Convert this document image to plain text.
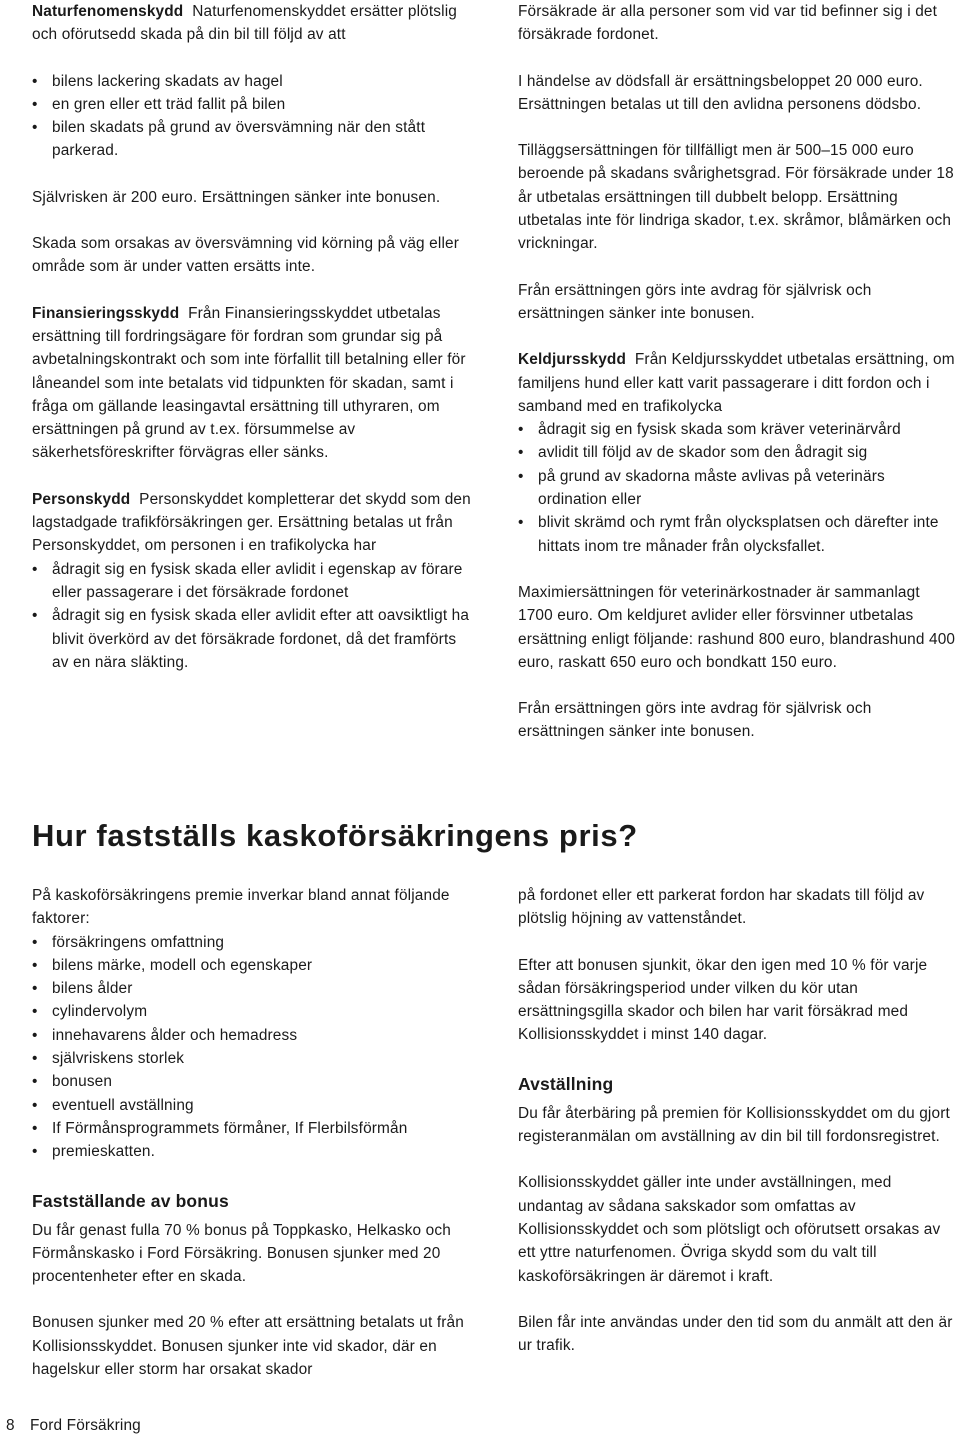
Naturfenomenskydd Naturfenomenskyddet ersätter plötslig och oförutsedd skada på din bil till följd av att

• bilens lackering skadats av hagel
• en gren eller ett träd fallit på bilen
• bilen skadats på grund av översvämning när den stått parkerad.

Självrisken är 200 euro. Ersättningen sänker inte bonusen.

Skada som orsakas av översvämning vid körning på väg eller område som är under vatten ersätts inte.

Finansieringsskydd Från Finansieringsskyddet utbetalas ersättning till fordringsägare för fordran som grundar sig på avbetalningskontrakt och som inte förfallit till betalning eller för låneandel som inte betalats vid tidpunkten för skadan, samt i fråga om gällande leasingavtal ersättning till uthyraren, om ersättningen på grund av t.ex. försummelse av säkerhetsföreskrifter förvägras eller sänks.

Personskydd Personskyddet kompletterar det skydd som den lagstadgade trafikförsäkringen ger. Ersättning betalas ut från Personskyddet, om personen i en trafikolycka har

• ådragit sig en fysisk skada eller avlidit i egenskap av förare eller passagerare i det försäkrade fordonet
• ådragit sig en fysisk skada eller avlidit efter att oavsiktligt ha blivit överkörd av det försäkrade fordonet, då det framförts av en nära släkting.

Försäkrade är alla personer som vid var tid befinner sig i det försäkrade fordonet.

I händelse av dödsfall är ersättningsbeloppet 20 000 euro. Ersättningen betalas ut till den avlidna personens dödsbo.

Tilläggsersättningen för tillfälligt men är 500–15 000 euro beroende på skadans svårighetsgrad. För försäkrade under 18 år utbetalas ersättningen till dubbelt belopp. Ersättning utbetalas inte för lindriga skador, t.ex. skråmor, blåmärken och vrickningar.

Från ersättningen görs inte avdrag för självrisk och ersättningen sänker inte bonusen.

Keldjursskydd Från Keldjursskyddet utbetalas ersättning, om familjens hund eller katt varit passagerare i ditt fordon och i samband med en trafikolycka

• ådragit sig en fysisk skada som kräver veterinärvård
• avlidit till följd av de skador som den ådragit sig
• på grund av skadorna måste avlivas på veterinärs ordination eller
• blivit skrämd och rymt från olycksplatsen och därefter inte hittats inom tre månader från olycksfallet.

Maximiersättningen för veterinärkostnader är sammanlagt 1700 euro. Om keldjuret avlider eller försvinner utbetalas ersättning enligt följande: rashund 800 euro, blandrashund 400 euro, raskatt 650 euro och bondkatt 150 euro.

Från ersättningen görs inte avdrag för självrisk och ersättningen sänker inte bonusen.

Hur fastställs kaskoförsäkringens pris?

På kaskoförsäkringens premie inverkar bland annat följande faktorer:

• försäkringens omfattning
• bilens märke, modell och egenskaper
• bilens ålder
• cylindervolym
• innehavarens ålder och hemadress
• självriskens storlek
• bonusen
• eventuell avställning
• If Förmånsprogrammets förmåner, If Flerbilsförmån
• premieskatten.
Fastställande av bonus

Du får genast fulla 70 % bonus på Toppkasko, Helkasko och Förmånskasko i Ford Försäkring. Bonusen sjunker med 20 procentenheter efter en skada.

Bonusen sjunker med 20 % efter att ersättning betalats ut från Kollisionsskyddet. Bonusen sjunker inte vid skador, där en hagelskur eller storm har orsakat skador

på fordonet eller ett parkerat fordon har skadats till följd av plötslig höjning av vattenståndet.

Efter att bonusen sjunkit, ökar den igen med 10 % för varje sådan försäkringsperiod under vilken du kör utan ersättningsgilla skador och bilen har varit försäkrad med Kollisionsskyddet i minst 140 dagar.

Avställning

Du får återbäring på premien för Kollisionsskyddet om du gjort registeranmälan om avställning av din bil till fordonsregistret.

Kollisionsskyddet gäller inte under avställningen, med undantag av sådana sakskador som omfattas av Kollisionsskyddet och som plötsligt och oförutsett orsakas av ett yttre naturfenomen. Övriga skydd som du valt till kaskoförsäkringen är däremot i kraft.

Bilen får inte användas under den tid som du anmält att den är ur trafik.

8 Ford Försäkring
